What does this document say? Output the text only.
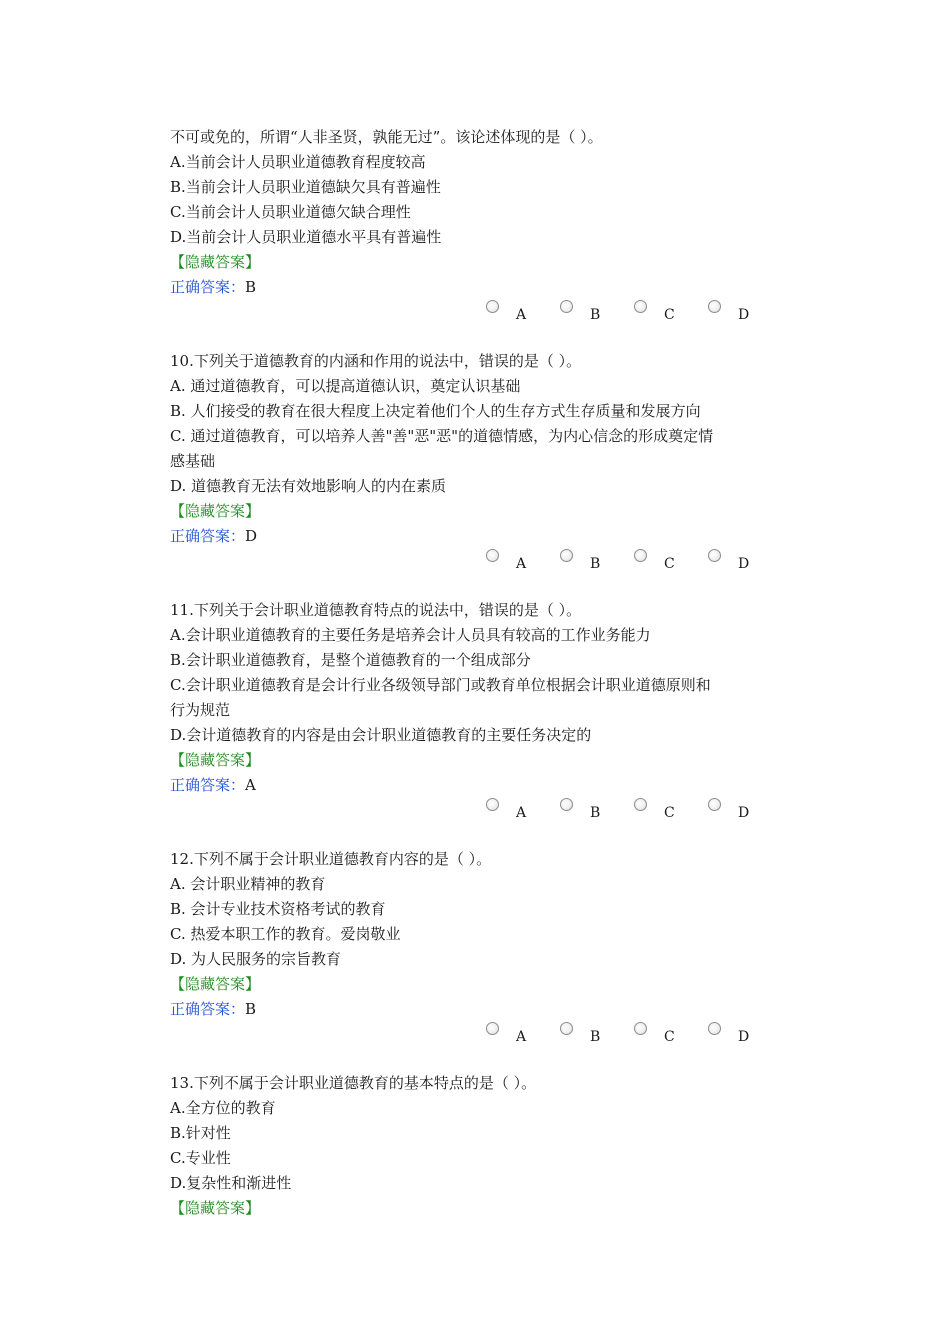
不可或免的，所谓“人非圣贤，孰能无过”。该论述体现的是（ ）。
A.当前会计人员职业道德教育程度较高
B.当前会计人员职业道德缺欠具有普遍性
C.当前会计人员职业道德欠缺合理性
D.当前会计人员职业道德水平具有普遍性
【隐藏答案】
正确答案：B
A	B	C	D
10.下列关于道德教育的内涵和作用的说法中，错误的是（ ）。
A. 通过道德教育，可以提高道德认识，奠定认识基础
B. 人们接受的教育在很大程度上决定着他们个人的生存方式生存质量和发展方向
C. 通过道德教育，可以培养人善"善"恶"恶"的道德情感，为内心信念的形成奠定情
感基础
D. 道德教育无法有效地影响人的内在素质
【隐藏答案】
正确答案：D
A	B	C	D
11.下列关于会计职业道德教育特点的说法中，错误的是（ ）。
A.会计职业道德教育的主要任务是培养会计人员具有较高的工作业务能力
B.会计职业道德教育，是整个道德教育的一个组成部分
C.会计职业道德教育是会计行业各级领导部门或教育单位根据会计职业道德原则和
行为规范
D.会计道德教育的内容是由会计职业道德教育的主要任务决定的
【隐藏答案】
正确答案：A
A	B	C	D
12.下列不属于会计职业道德教育内容的是（ ）。
A. 会计职业精神的教育
B. 会计专业技术资格考试的教育
C. 热爱本职工作的教育。爱岗敬业
D. 为人民服务的宗旨教育
【隐藏答案】
正确答案：B
A	B	C	D
13.下列不属于会计职业道德教育的基本特点的是（ ）。
A.全方位的教育
B.针对性
C.专业性
D.复杂性和渐进性
【隐藏答案】
